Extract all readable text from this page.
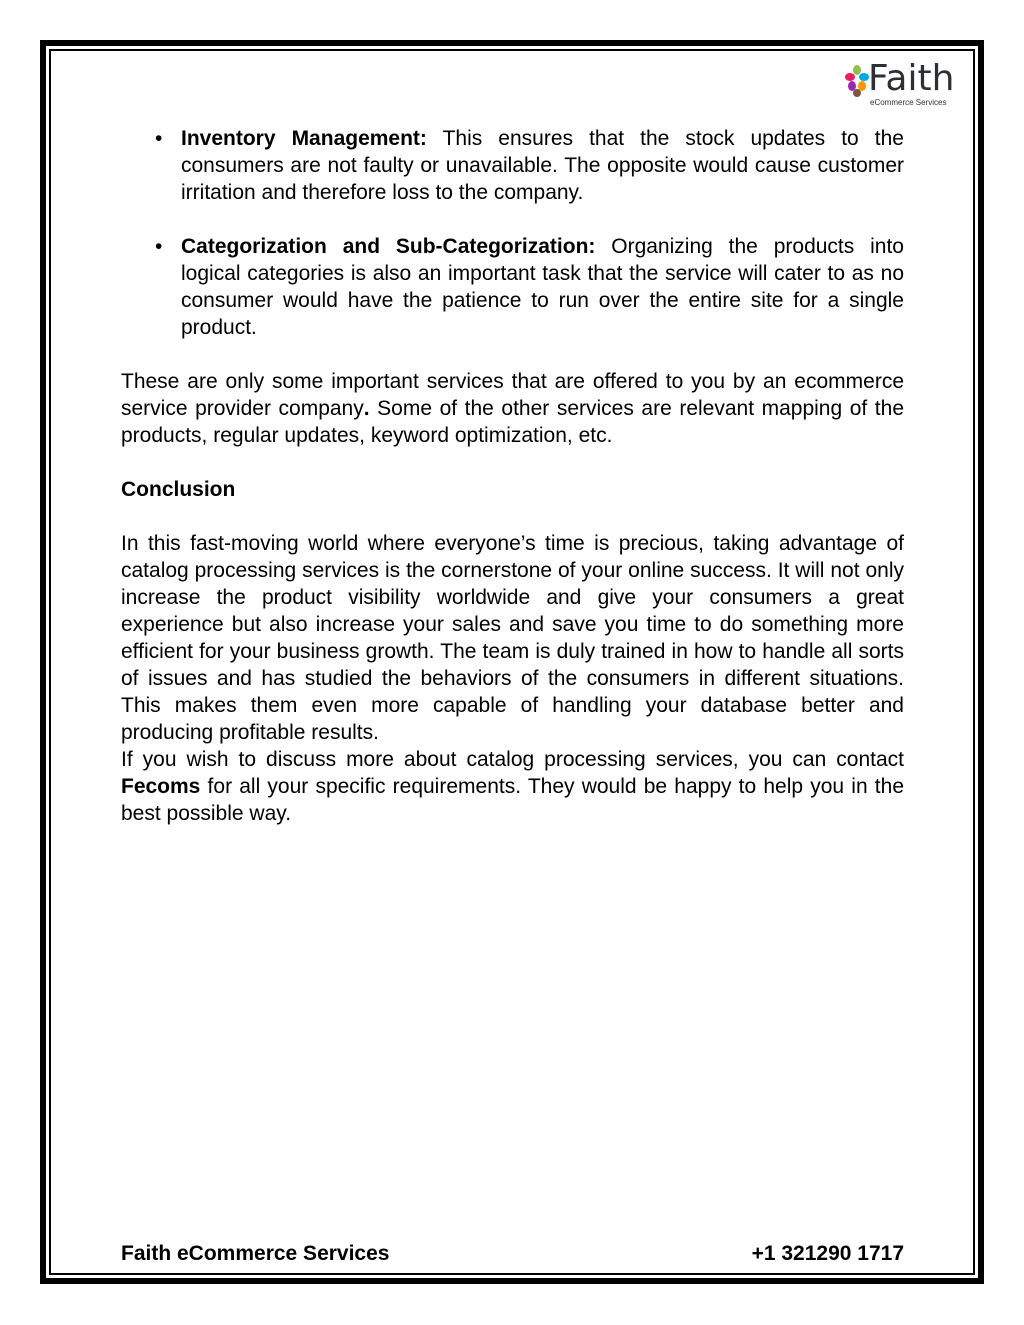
Faith
eCommerce Services
• Inventory Management: This ensures that the stock updates to the consumers are not faulty or unavailable. The opposite would cause customer irritation and therefore loss to the company.
• Categorization and Sub-Categorization: Organizing the products into logical categories is also an important task that the service will cater to as no consumer would have the patience to run over the entire site for a single product.

These are only some important services that are offered to you by an ecommerce service provider company. Some of the other services are relevant mapping of the products, regular updates, keyword optimization, etc.

Conclusion

In this fast-moving world where everyone’s time is precious, taking advantage of catalog processing services is the cornerstone of your online success. It will not only increase the product visibility worldwide and give your consumers a great experience but also increase your sales and save you time to do something more efficient for your business growth. The team is duly trained in how to handle all sorts of issues and has studied the behaviors of the consumers in different situations. This makes them even more capable of handling your database better and producing profitable results.

If you wish to discuss more about catalog processing services, you can contact Fecoms for all your specific requirements. They would be happy to help you in the best possible way.

Faith eCommerce Services	+1 321290 1717
